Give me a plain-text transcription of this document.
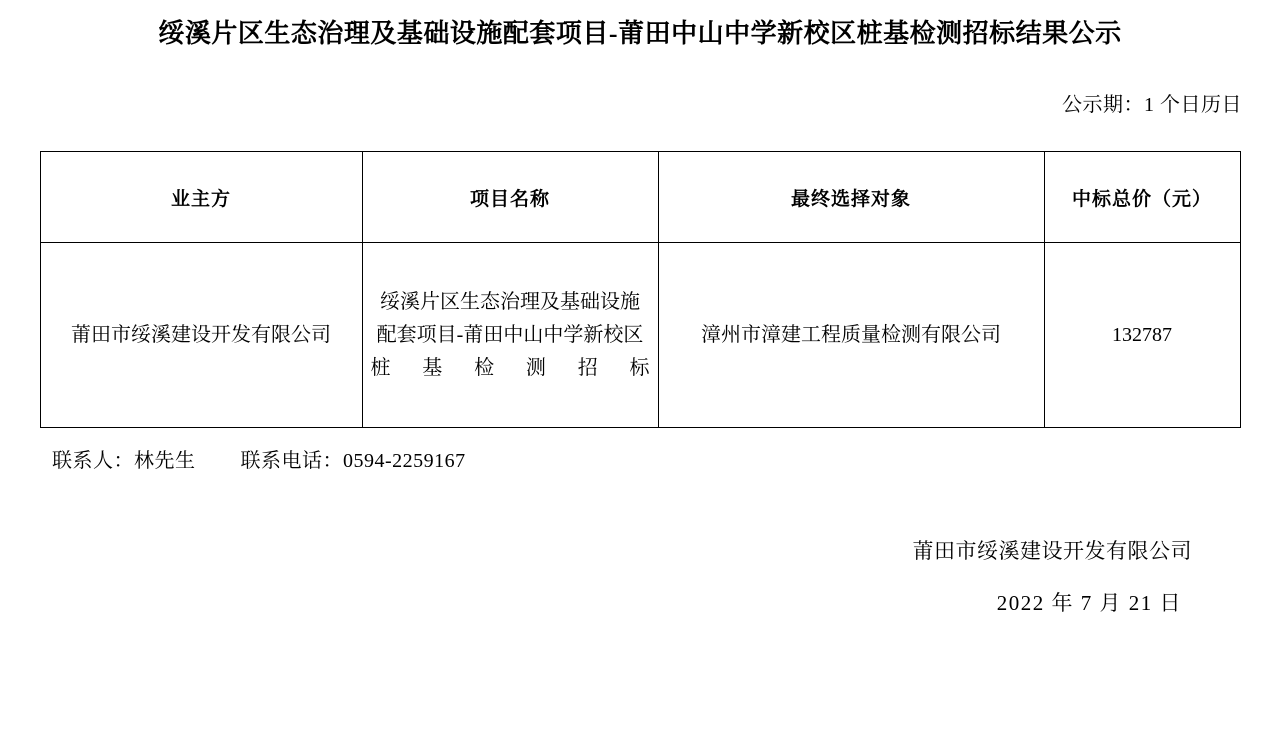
绥溪片区生态治理及基础设施配套项目-莆田中山中学新校区桩基检测招标结果公示
公示期：1 个日历日
业主方	项目名称	最终选择对象	中标总价（元）
莆田市绥溪建设开发有限公司	绥溪片区生态治理及基础设施配套项目-莆田中山中学新校区桩基检测招标	漳州市漳建工程质量检测有限公司	132787
联系人：林先生 联系电话：0594-2259167
莆田市绥溪建设开发有限公司
2022 年 7 月 21 日
